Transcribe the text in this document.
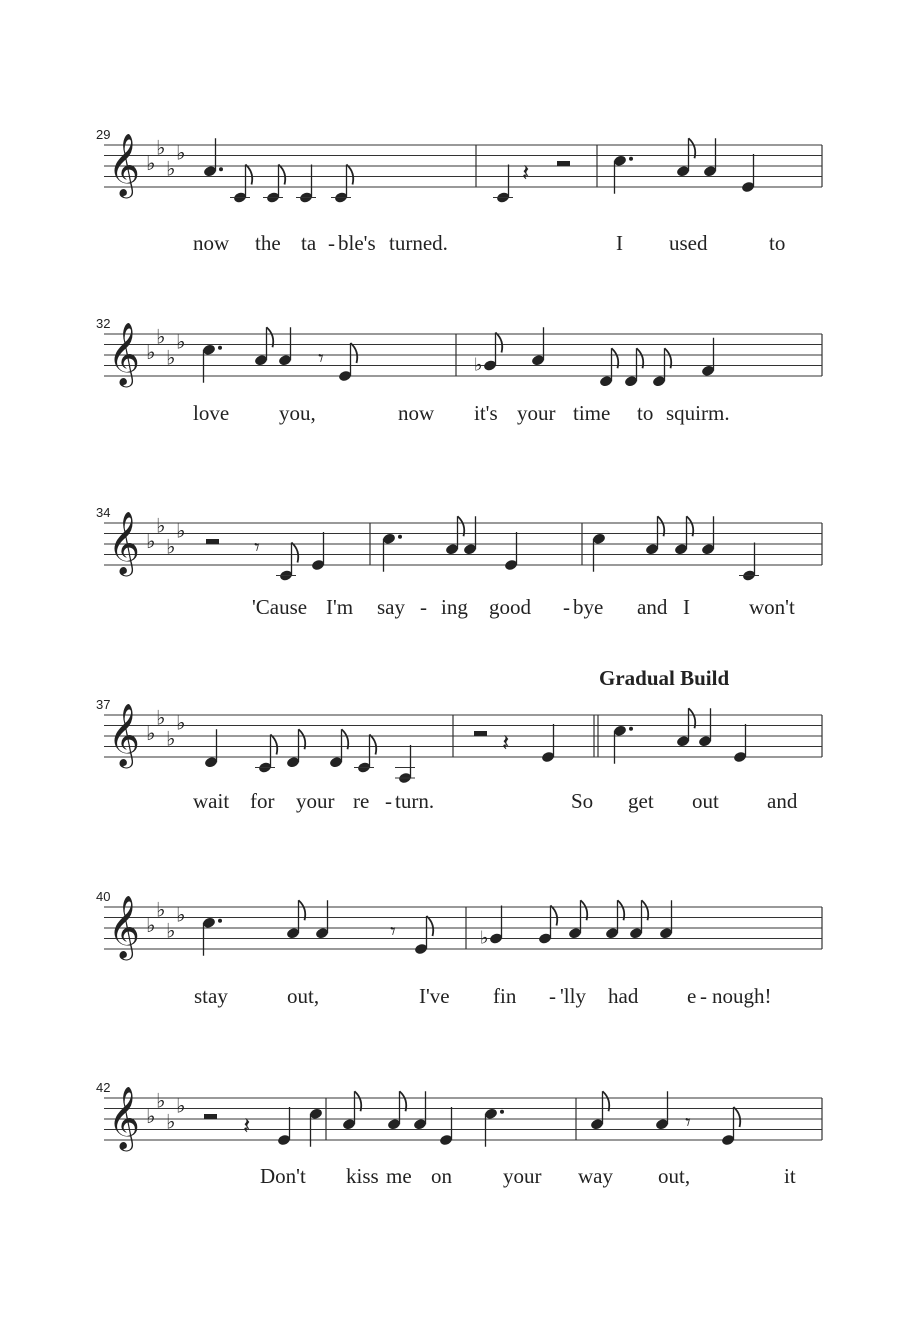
29
𝄞 ♭
♭
♭
♭
𝄽
now the ta - ble's turned.	I used	to
32
𝄞 ♭
♭
♭
♭
𝄾	♭
love you,	now it's your time to squirm.
34
𝄞 ♭
♭
♭
♭
𝄾
'Cause I'm say - ing good - bye and I	won't
37
𝄞 ♭
♭
♭
♭
𝄽
Gradual Build
wait for your re - turn.	So get out and
40
𝄞 ♭
♭
♭
♭
𝄾	♭
stay	out,	I've fin - 'lly had e - nough!
42
𝄞 ♭
♭
♭
♭
𝄽	𝄾
Don't kiss me on your way out,	it
